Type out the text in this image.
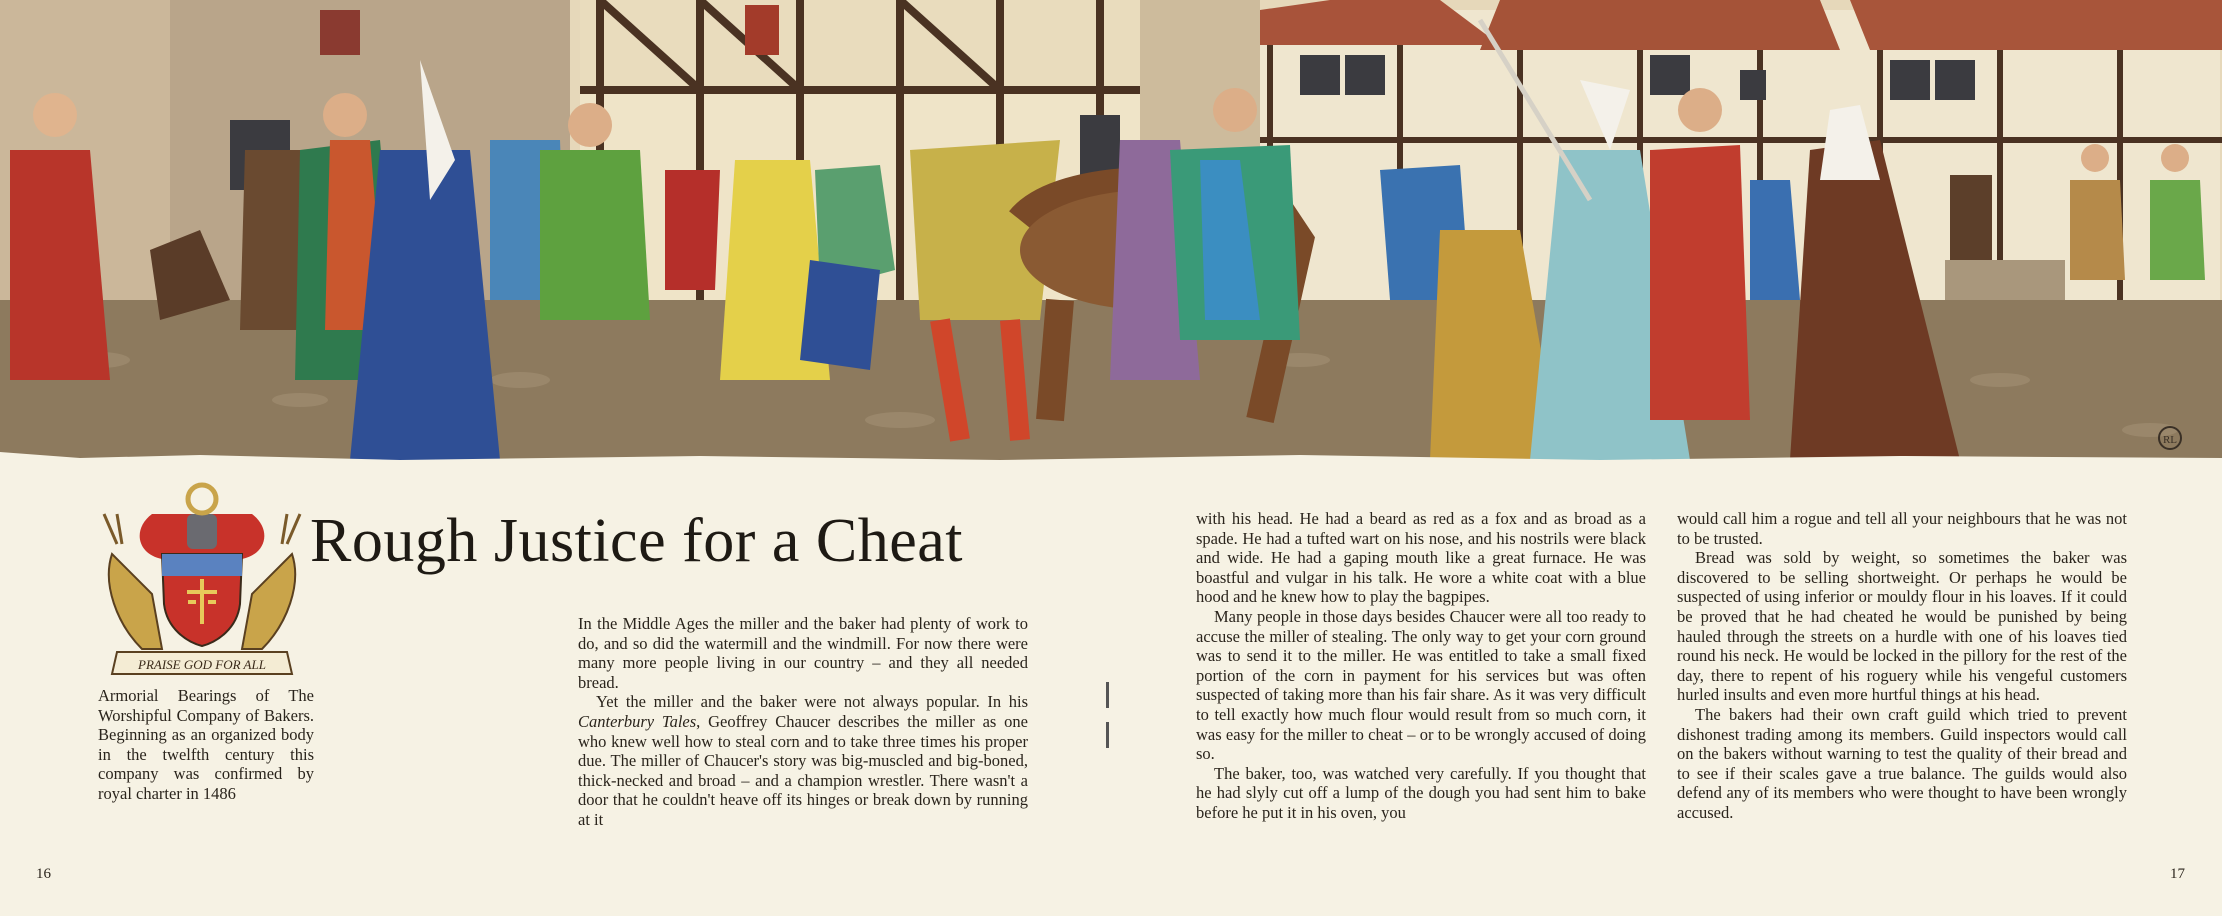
RL
PRAISE GOD FOR ALL

Armorial Bearings of The Worshipful Company of Bakers. Beginning as an organized body in the twelfth century this company was confirmed by royal charter in 1486

Rough Justice for a Cheat

In the Middle Ages the miller and the baker had plenty of work to do, and so did the watermill and the windmill. For now there were many more people living in our country – and they all needed bread.

Yet the miller and the baker were not always popular. In his Canterbury Tales, Geoffrey Chaucer describes the miller as one who knew well how to steal corn and to take three times his proper due. The miller of Chaucer's story was big-muscled and big-boned, thick-necked and broad – and a champion wrestler. There wasn't a door that he couldn't heave off its hinges or break down by running at it

with his head. He had a beard as red as a fox and as broad as a spade. He had a tufted wart on his nose, and his nostrils were black and wide. He had a gaping mouth like a great furnace. He was boastful and vulgar in his talk. He wore a white coat with a blue hood and he knew how to play the bagpipes.

Many people in those days besides Chaucer were all too ready to accuse the miller of stealing. The only way to get your corn ground was to send it to the miller. He was entitled to take a small fixed portion of the corn in payment for his services but was often suspected of taking more than his fair share. As it was very difficult to tell exactly how much flour would result from so much corn, it was easy for the miller to cheat – or to be wrongly accused of doing so.

The baker, too, was watched very carefully. If you thought that he had slyly cut off a lump of the dough you had sent him to bake before he put it in his oven, you

would call him a rogue and tell all your neighbours that he was not to be trusted.

Bread was sold by weight, so sometimes the baker was discovered to be selling shortweight. Or perhaps he would be suspected of using inferior or mouldy flour in his loaves. If it could be proved that he had cheated he would be punished by being hauled through the streets on a hurdle with one of his loaves tied round his neck. He would be locked in the pillory for the rest of the day, there to repent of his roguery while his vengeful customers hurled insults and even more hurtful things at his head.

The bakers had their own craft guild which tried to prevent dishonest trading among its members. Guild inspectors would call on the bakers without warning to test the quality of their bread and to see if their scales gave a true balance. The guilds would also defend any of its members who were thought to have been wrongly accused.

16	17
